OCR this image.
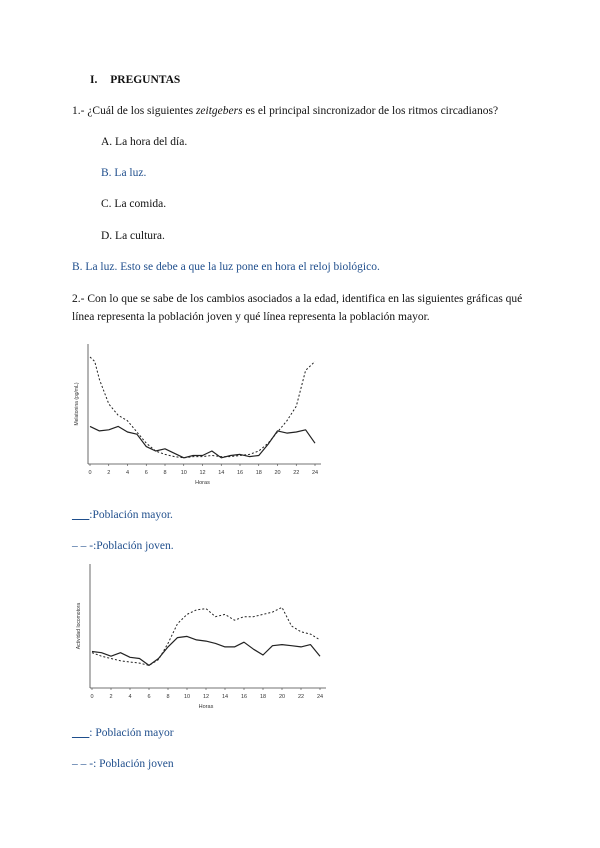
I. PREGUNTAS
1.- ¿Cuál de los siguientes zeitgebers es el principal sincronizador de los ritmos circadianos?
A. La hora del día.
B. La luz.
C. La comida.
D. La cultura.
B. La luz. Esto se debe a que la luz pone en hora el reloj biológico.
2.- Con lo que se sabe de los cambios asociados a la edad, identifica en las siguientes gráficas qué
línea representa la población joven y qué línea representa la población mayor.
0	2	4	6	8	10 12 14 16 18 20 22 24
Horas
Melatonina (pg/mL)
___:Población mayor.
– – -:Población joven.
0	2	4	6	8	10 12 14 16 18 20 22 24
Horas
Actividad locomotora
___: Población mayor
– – -: Población joven
